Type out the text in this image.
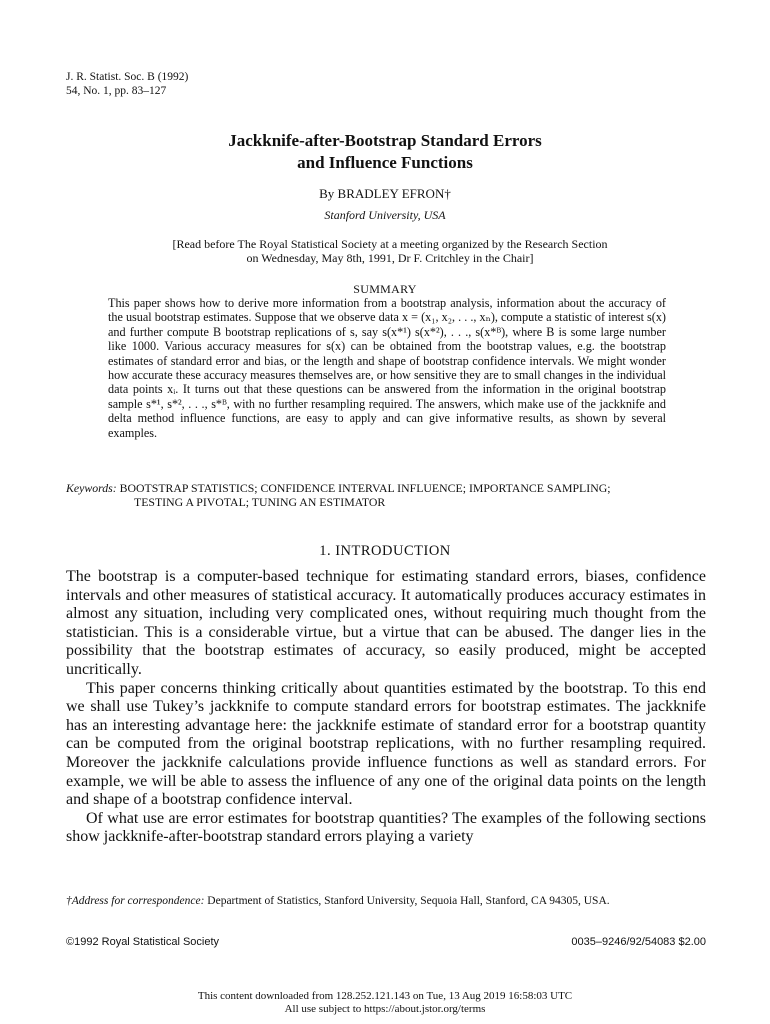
J. R. Statist. Soc. B (1992)
54, No. 1, pp. 83–127
Jackknife-after-Bootstrap Standard Errors
and Influence Functions
By BRADLEY EFRON†
Stanford University, USA
[Read before The Royal Statistical Society at a meeting organized by the Research Section
on Wednesday, May 8th, 1991, Dr F. Critchley in the Chair]
SUMMARY
This paper shows how to derive more information from a bootstrap analysis, information about the accuracy of the usual bootstrap estimates. Suppose that we observe data x = (x₁, x₂, . . ., xₙ), compute a statistic of interest s(x) and further compute B bootstrap replications of s, say s(x*¹) s(x*²), . . ., s(x*ᴮ), where B is some large number like 1000. Various accuracy measures for s(x) can be obtained from the bootstrap values, e.g. the bootstrap estimates of standard error and bias, or the length and shape of bootstrap confidence intervals. We might wonder how accurate these accuracy measures themselves are, or how sensitive they are to small changes in the individual data points xᵢ. It turns out that these questions can be answered from the information in the original bootstrap sample s*¹, s*², . . ., s*ᴮ, with no further resampling required. The answers, which make use of the jackknife and delta method influence functions, are easy to apply and can give informative results, as shown by several examples.
Keywords: BOOTSTRAP STATISTICS; CONFIDENCE INTERVAL INFLUENCE; IMPORTANCE SAMPLING;
TESTING A PIVOTAL; TUNING AN ESTIMATOR
1. INTRODUCTION

The bootstrap is a computer-based technique for estimating standard errors, biases, confidence intervals and other measures of statistical accuracy. It automatically produces accuracy estimates in almost any situation, including very complicated ones, without requiring much thought from the statistician. This is a considerable virtue, but a virtue that can be abused. The danger lies in the possibility that the bootstrap estimates of accuracy, so easily produced, might be accepted uncritically.

This paper concerns thinking critically about quantities estimated by the bootstrap. To this end we shall use Tukey’s jackknife to compute standard errors for bootstrap estimates. The jackknife has an interesting advantage here: the jackknife estimate of standard error for a bootstrap quantity can be computed from the original bootstrap replications, with no further resampling required. Moreover the jackknife calculations provide influence functions as well as standard errors. For example, we will be able to assess the influence of any one of the original data points on the length and shape of a bootstrap confidence interval.

Of what use are error estimates for bootstrap quantities? The examples of the following sections show jackknife-after-bootstrap standard errors playing a variety

†Address for correspondence: Department of Statistics, Stanford University, Sequoia Hall, Stanford, CA 94305, USA.
©1992 Royal Statistical Society	0035–9246/92/54083 $2.00
This content downloaded from 128.252.121.143 on Tue, 13 Aug 2019 16:58:03 UTC
All use subject to https://about.jstor.org/terms
